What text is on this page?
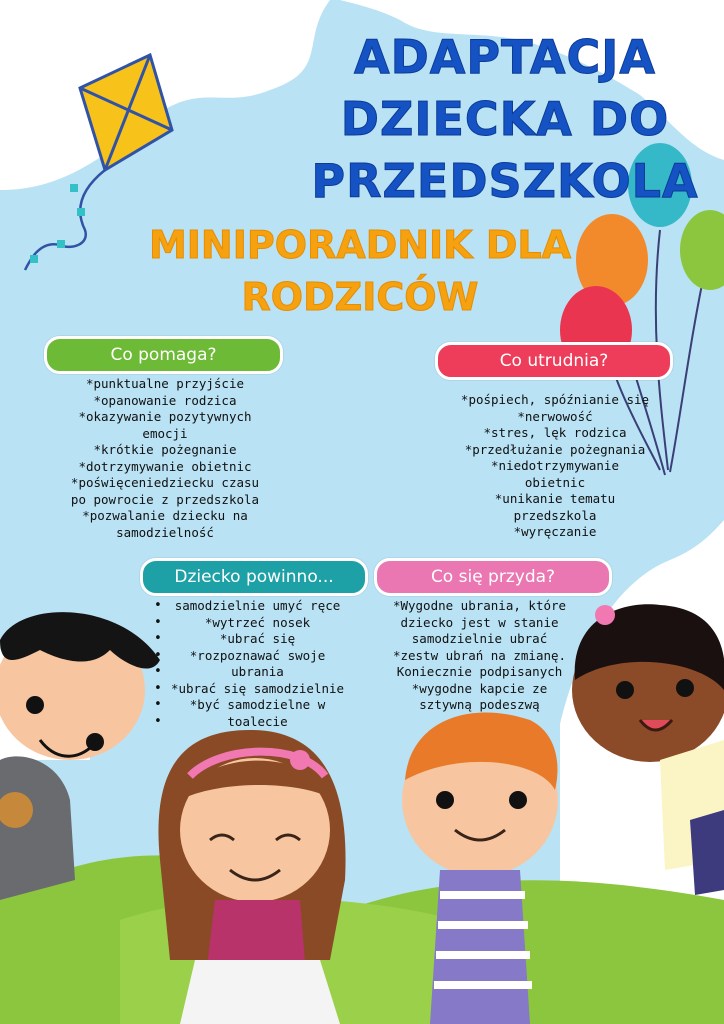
ADAPTACJA
DZIECKA DO
PRZEDSZKOLA
MINIPORADNIK DLA
RODZICÓW
Co pomaga?
*punktualne przyjście
*opanowanie rodzica
*okazywanie pozytywnych
emocji
*krótkie pożegnanie
*dotrzymywanie obietnic
*poświęceniedziecku czasu
po powrocie z przedszkola
*pozwalanie dziecku na
samodzielność
Co utrudnia?
*pośpiech, spóźnianie się
*nerwowość
*stres, lęk rodzica
*przedłużanie pożegnania
*niedotrzymywanie
obietnic
*unikanie tematu
przedszkola
*wyręczanie
Dziecko powinno...
• samodzielnie umyć ręce
• *wytrzeć nosek
• *ubrać się
• *rozpoznawać swoje
• ubrania
• *ubrać się samodzielnie
• *być samodzielne w
• toalecie
Co się przyda?
*Wygodne ubrania, które
dziecko jest w stanie
samodzielnie ubrać
*zestw ubrań na zmianę.
Koniecznie podpisanych
*wygodne kapcie ze
sztywną podeszwą
